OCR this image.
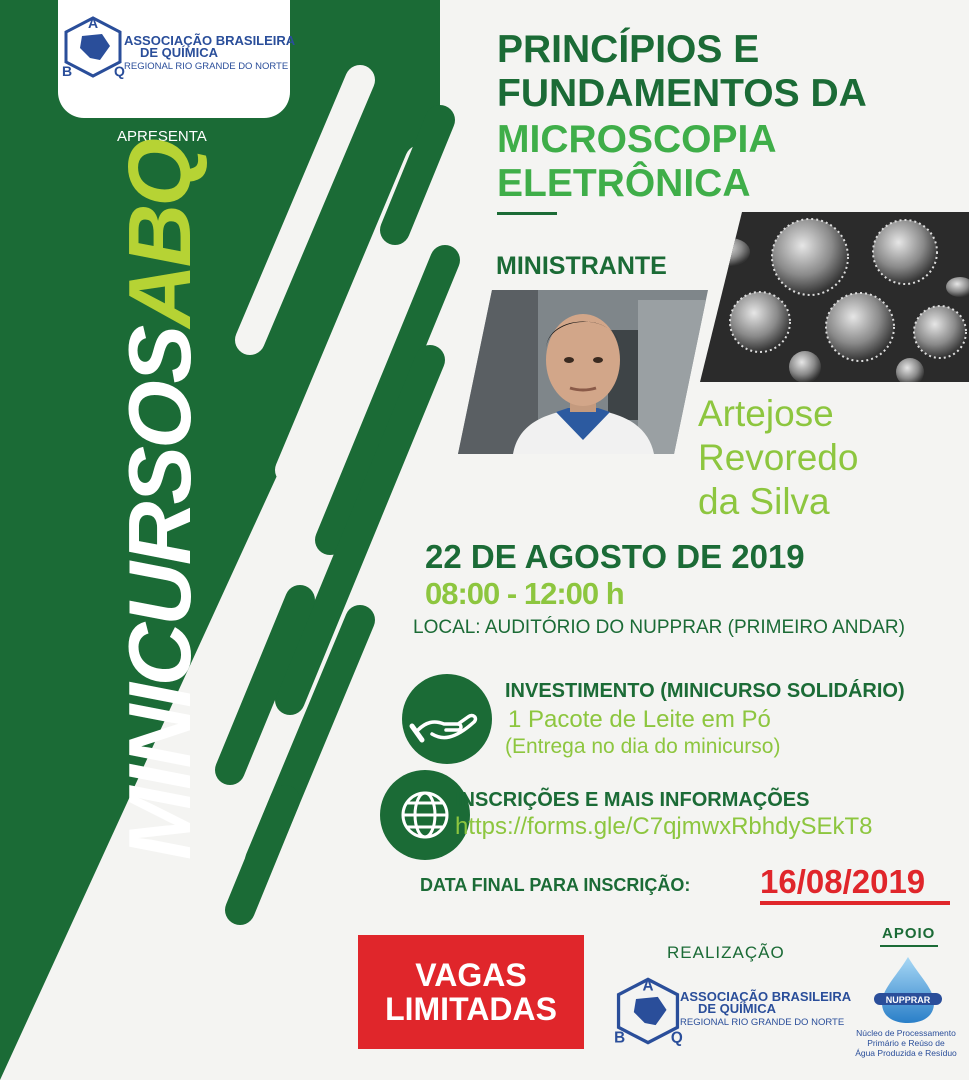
A
B	Q
ASSOCIAÇÃO BRASILEIRA
DE QUÍMICA
REGIONAL RIO GRANDE DO NORTE
APRESENTA
MINICURSOSABQ
PRINCÍPIOS E
FUNDAMENTOS DA
MICROSCOPIA
ELETRÔNICA
MINISTRANTE
Artejose
Revoredo
da Silva
22 DE AGOSTO DE 2019
08:00 - 12:00 h
LOCAL: AUDITÓRIO DO NUPPRAR (PRIMEIRO ANDAR)
INVESTIMENTO (MINICURSO SOLIDÁRIO)
1 Pacote de Leite em Pó
(Entrega no dia do minicurso)
INSCRIÇÕES E MAIS INFORMAÇÕES
https://forms.gle/C7qjmwxRbhdySEkT8
DATA FINAL PARA INSCRIÇÃO: 16/08/2019
VAGAS
LIMITADAS
REALIZAÇÃO
A
B	Q
ASSOCIAÇÃO BRASILEIRA
DE QUÍMICA
REGIONAL RIO GRANDE DO NORTE
APOIO
NUPPRAR
Núcleo de Processamento
Primário e Reúso de
Água Produzida e Resíduo
